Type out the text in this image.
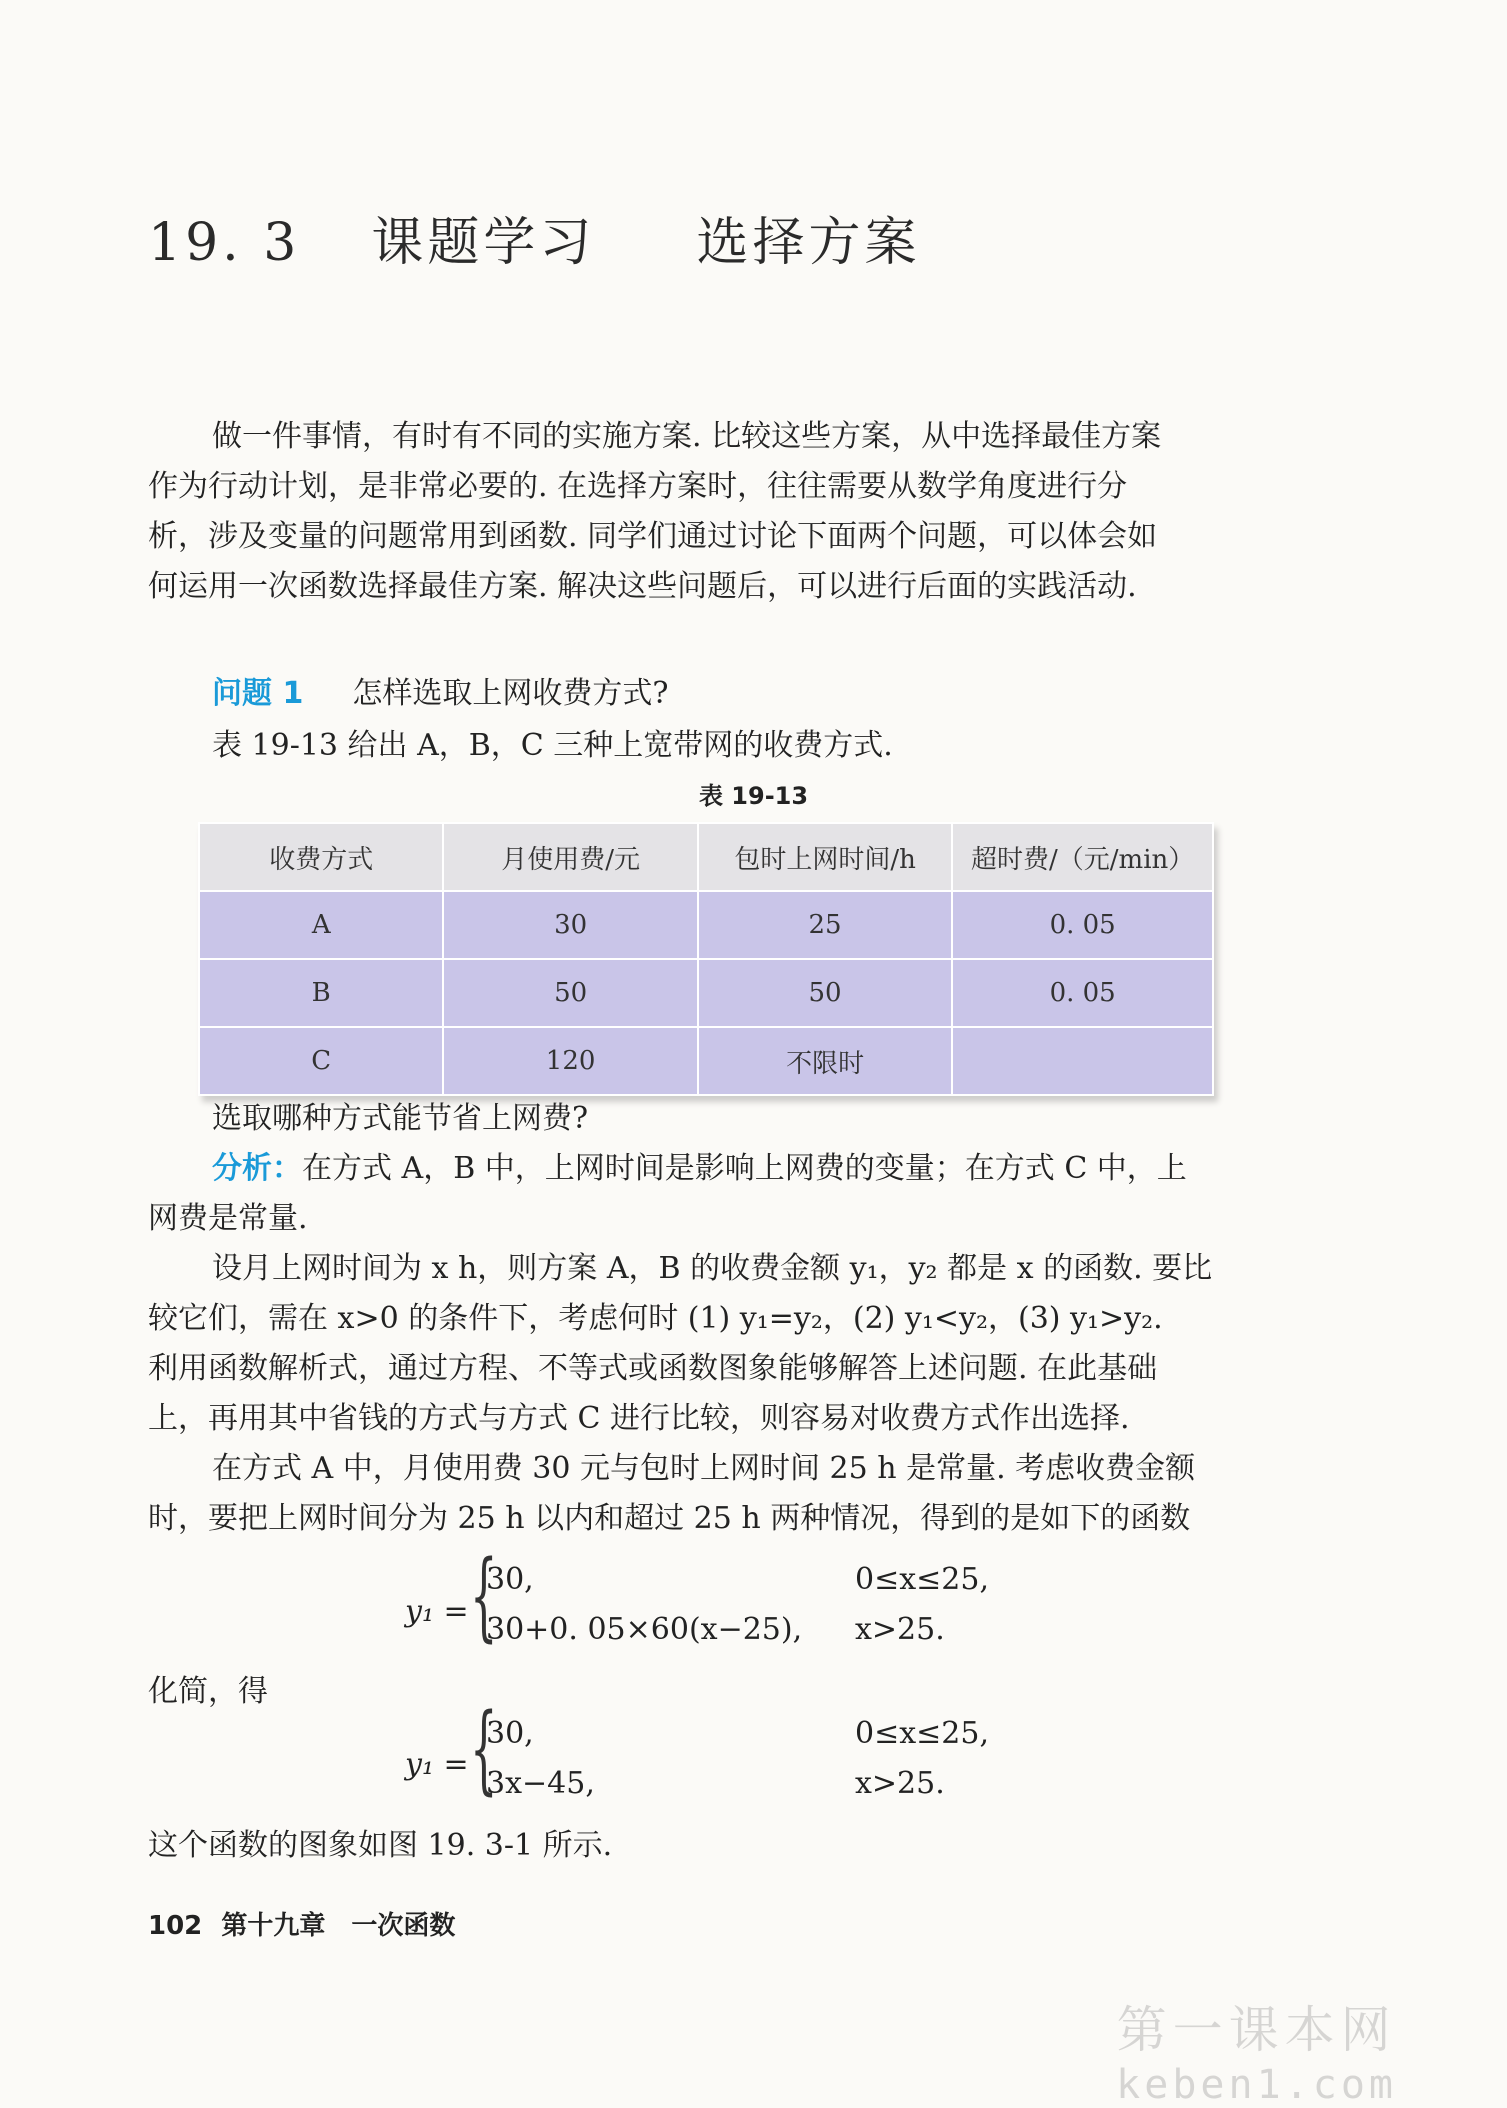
19. 3 课题学习 选择方案
做一件事情，有时有不同的实施方案. 比较这些方案，从中选择最佳方案
作为行动计划，是非常必要的. 在选择方案时，往往需要从数学角度进行分
析，涉及变量的问题常用到函数. 同学们通过讨论下面两个问题，可以体会如
何运用一次函数选择最佳方案. 解决这些问题后，可以进行后面的实践活动.
问题 1 怎样选取上网收费方式?
表 19-13 给出 A，B，C 三种上宽带网的收费方式.
表 19-13
收费方式	月使用费/元	包时上网时间/h	超时费/（元/min）
A	30	25	0. 05
B	50	50	0. 05
C	120	不限时	
选取哪种方式能节省上网费?
分析：在方式 A，B 中，上网时间是影响上网费的变量；在方式 C 中，上
网费是常量.
设月上网时间为 x h，则方案 A，B 的收费金额 y₁，y₂ 都是 x 的函数. 要比
较它们，需在 x>0 的条件下，考虑何时 (1) y₁=y₂，(2) y₁<y₂，(3) y₁>y₂.
利用函数解析式，通过方程、不等式或函数图象能够解答上述问题. 在此基础
上，再用其中省钱的方式与方式 C 进行比较，则容易对收费方式作出选择.
在方式 A 中，月使用费 30 元与包时上网时间 25 h 是常量. 考虑收费金额
时，要把上网时间分为 25 h 以内和超过 25 h 两种情况，得到的是如下的函数
y₁ = {
30,	0≤x≤25,
30+0. 05×60(x−25), x>25.
化简，得
y₁ = {
30,	0≤x≤25,
3x−45,	x>25.
这个函数的图象如图 19. 3-1 所示.
102 第十九章　一次函数
第一课本网
keben1.com
